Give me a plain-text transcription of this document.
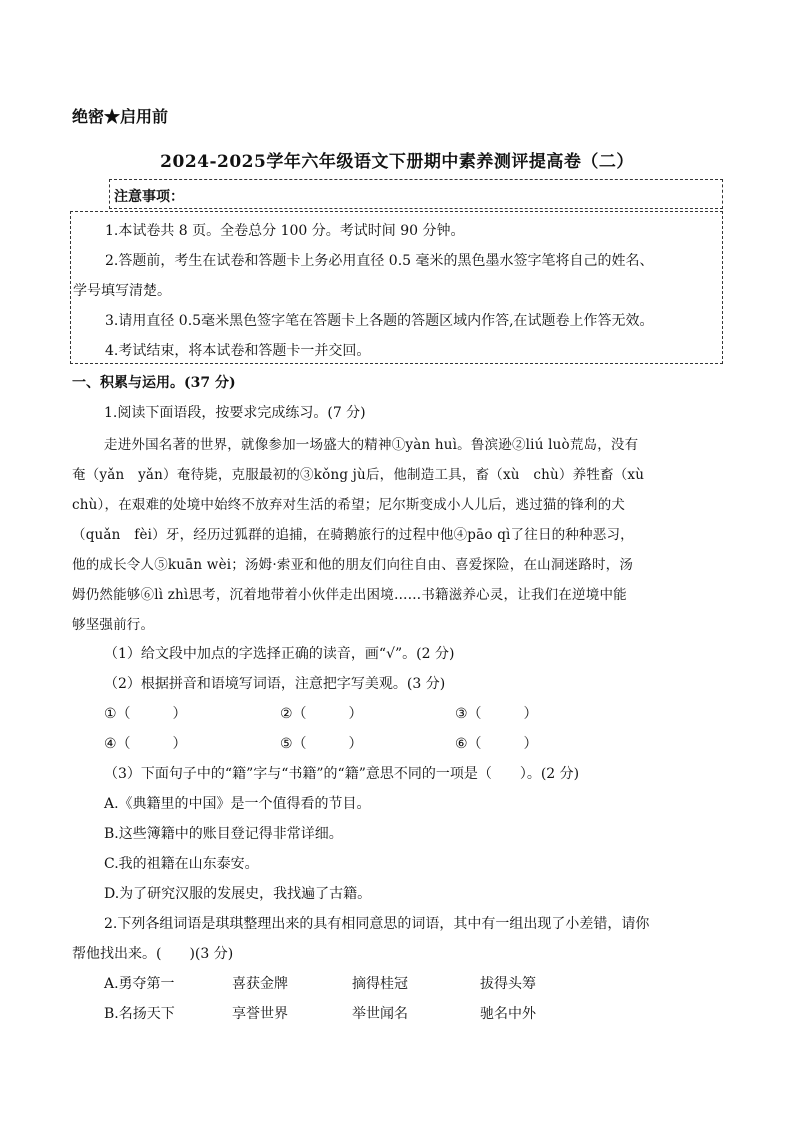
绝密★启用前
2024-2025学年六年级语文下册期中素养测评提高卷（二）
注意事项：
1.本试卷共 8 页。全卷总分 100 分。考试时间 90 分钟。
2.答题前，考生在试卷和答题卡上务必用直径 0.5 毫米的黑色墨水签字笔将自己的姓名、
学号填写清楚。
3.请用直径 0.5毫米黑色签字笔在答题卡上各题的答题区域内作答,在试题卷上作答无效。
4.考试结束，将本试卷和答题卡一并交回。
一、积累与运用。(37 分)
1.阅读下面语段，按要求完成练习。(7 分)
走进外国名著的世界，就像参加一场盛大的精神①yàn huì。鲁滨逊②liú luò荒岛，没有
奄（yǎn　yǎn）奄待毙，克服最初的③kǒng jù后，他制造工具，畜（xù　chù）养牲畜（xù
chù），在艰难的处境中始终不放弃对生活的希望；尼尔斯变成小人儿后，逃过猫的锋利的犬
（quǎn　fèi）牙，经历过狐群的追捕，在骑鹅旅行的过程中他④pāo qì了往日的种种恶习，
他的成长令人⑤kuān wèi；汤姆·索亚和他的朋友们向往自由、喜爱探险，在山洞迷路时，汤
姆仍然能够⑥lì zhì思考，沉着地带着小伙伴走出困境……书籍滋养心灵，让我们在逆境中能
够坚强前行。
（1）给文段中加点的字选择正确的读音，画“√”。(2 分)
（2）根据拼音和语境写词语，注意把字写美观。(3 分)
①（　　　）	②（　　　）	③（　　　）
④（　　　）	⑤（　　　）	⑥（　　　）
（3）下面句子中的“籍”字与“书籍”的“籍”意思不同的一项是（　　）。(2 分)
A.《典籍里的中国》是一个值得看的节目。
B.这些簿籍中的账目登记得非常详细。
C.我的祖籍在山东泰安。
D.为了研究汉服的发展史，我找遍了古籍。
2.下列各组词语是琪琪整理出来的具有相同意思的词语，其中有一组出现了小差错，请你
帮他找出来。(　　)(3 分)
A.勇夺第一	喜获金牌	摘得桂冠	拔得头筹
B.名扬天下	享誉世界	举世闻名	驰名中外
